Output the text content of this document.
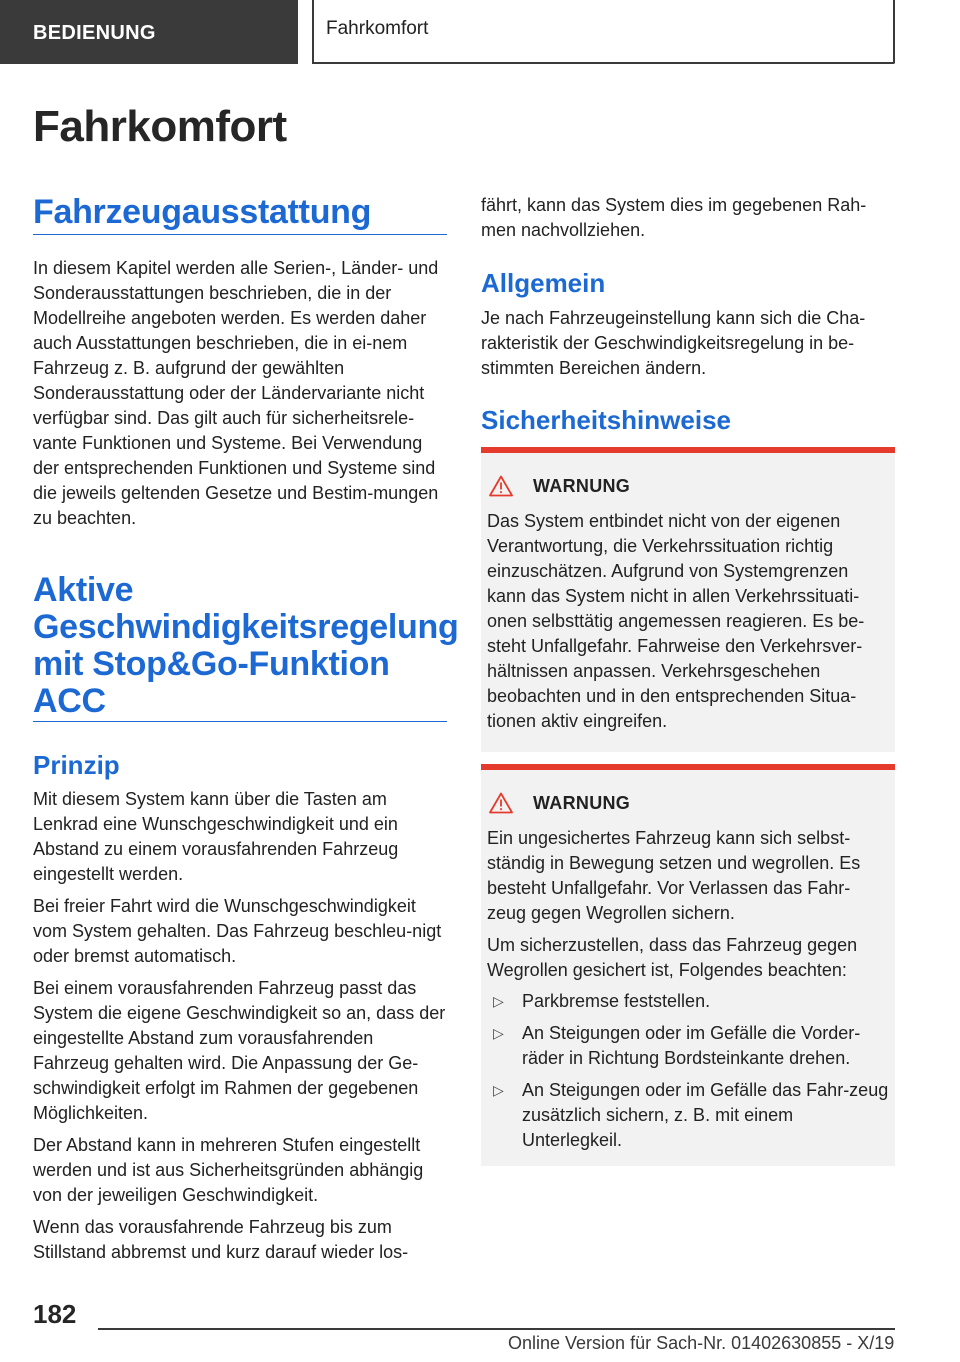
BEDIENUNG	Fahrkomfort
Fahrkomfort
Fahrzeugausstattung

In diesem Kapitel werden alle Serien-, Länder- und Sonderausstattungen beschrieben, die in der Modellreihe angeboten werden. Es werden daher auch Ausstattungen beschrieben, die in ei-nem Fahrzeug z. B. aufgrund der gewählten Sonderausstattung oder der Ländervariante nicht verfügbar sind. Das gilt auch für sicherheitsrele-vante Funktionen und Systeme. Bei Verwendung der entsprechenden Funktionen und Systeme sind die jeweils geltenden Gesetze und Bestim-mungen zu beachten.

Aktive Geschwindigkeitsregelung mit Stop&Go-Funktion ACC
Prinzip

Mit diesem System kann über die Tasten am Lenkrad eine Wunschgeschwindigkeit und ein Abstand zu einem vorausfahrenden Fahrzeug eingestellt werden.

Bei freier Fahrt wird die Wunschgeschwindigkeit vom System gehalten. Das Fahrzeug beschleu-nigt oder bremst automatisch.

Bei einem vorausfahrenden Fahrzeug passt das System die eigene Geschwindigkeit so an, dass der eingestellte Abstand zum vorausfahrenden Fahrzeug gehalten wird. Die Anpassung der Ge-schwindigkeit erfolgt im Rahmen der gegebenen Möglichkeiten.

Der Abstand kann in mehreren Stufen eingestellt werden und ist aus Sicherheitsgründen abhängig von der jeweiligen Geschwindigkeit.

Wenn das vorausfahrende Fahrzeug bis zum Stillstand abbremst und kurz darauf wieder los-

fährt, kann das System dies im gegebenen Rah-men nachvollziehen.

Allgemein

Je nach Fahrzeugeinstellung kann sich die Cha-rakteristik der Geschwindigkeitsregelung in be-stimmten Bereichen ändern.

Sicherheitshinweise
WARNUNG

Das System entbindet nicht von der eigenen Verantwortung, die Verkehrssituation richtig einzuschätzen. Aufgrund von Systemgrenzen kann das System nicht in allen Verkehrssituati-onen selbsttätig angemessen reagieren. Es be-steht Unfallgefahr. Fahrweise den Verkehrsver-hältnissen anpassen. Verkehrsgeschehen beobachten und in den entsprechenden Situa-tionen aktiv eingreifen.

WARNUNG

Ein ungesichertes Fahrzeug kann sich selbst-ständig in Bewegung setzen und wegrollen. Es besteht Unfallgefahr. Vor Verlassen das Fahr-zeug gegen Wegrollen sichern.

Um sicherzustellen, dass das Fahrzeug gegen Wegrollen gesichert ist, Folgendes beachten:

▷	Parkbremse feststellen.
▷	An Steigungen oder im Gefälle die Vorder-räder in Richtung Bordsteinkante drehen.
▷	An Steigungen oder im Gefälle das Fahr-zeug zusätzlich sichern, z. B. mit einem Unterlegkeil.

182

Online Version für Sach-Nr. 01402630855 - X/19
